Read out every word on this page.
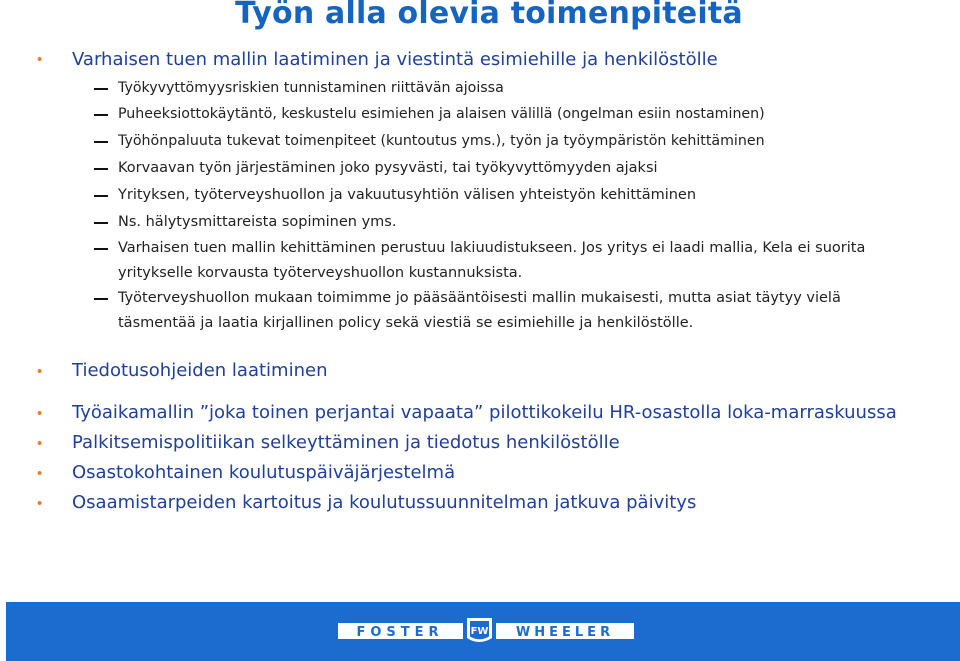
Työn alla olevia toimenpiteitä
• Varhaisen tuen mallin laatiminen ja viestintä esimiehille ja henkilöstölle
Työkyvyttömyysriskien tunnistaminen riittävän ajoissa
Puheeksiottokäytäntö, keskustelu esimiehen ja alaisen välillä (ongelman esiin nostaminen)
Työhönpaluuta tukevat toimenpiteet (kuntoutus yms.), työn ja työympäristön kehittäminen
Korvaavan työn järjestäminen joko pysyvästi, tai työkyvyttömyyden ajaksi
Yrityksen, työterveyshuollon ja vakuutusyhtiön välisen yhteistyön kehittäminen
Ns. hälytysmittareista sopiminen yms.
Varhaisen tuen mallin kehittäminen perustuu lakiuudistukseen. Jos yritys ei laadi mallia, Kela ei suorita yritykselle korvausta työterveyshuollon kustannuksista.
Työterveyshuollon mukaan toimimme jo pääsääntöisesti mallin mukaisesti, mutta asiat täytyy vielä täsmentää ja laatia kirjallinen policy sekä viestiä se esimiehille ja henkilöstölle.
• Tiedotusohjeiden laatiminen
• Työaikamallin ”joka toinen perjantai vapaata” pilottikokeilu HR-osastolla loka-marraskuussa
• Palkitsemispolitiikan selkeyttäminen ja tiedotus henkilöstölle
• Osastokohtainen koulutuspäiväjärjestelmä
• Osaamistarpeiden kartoitus ja koulutussuunnitelman jatkuva päivitys
FOSTER	WHEELER
FW
